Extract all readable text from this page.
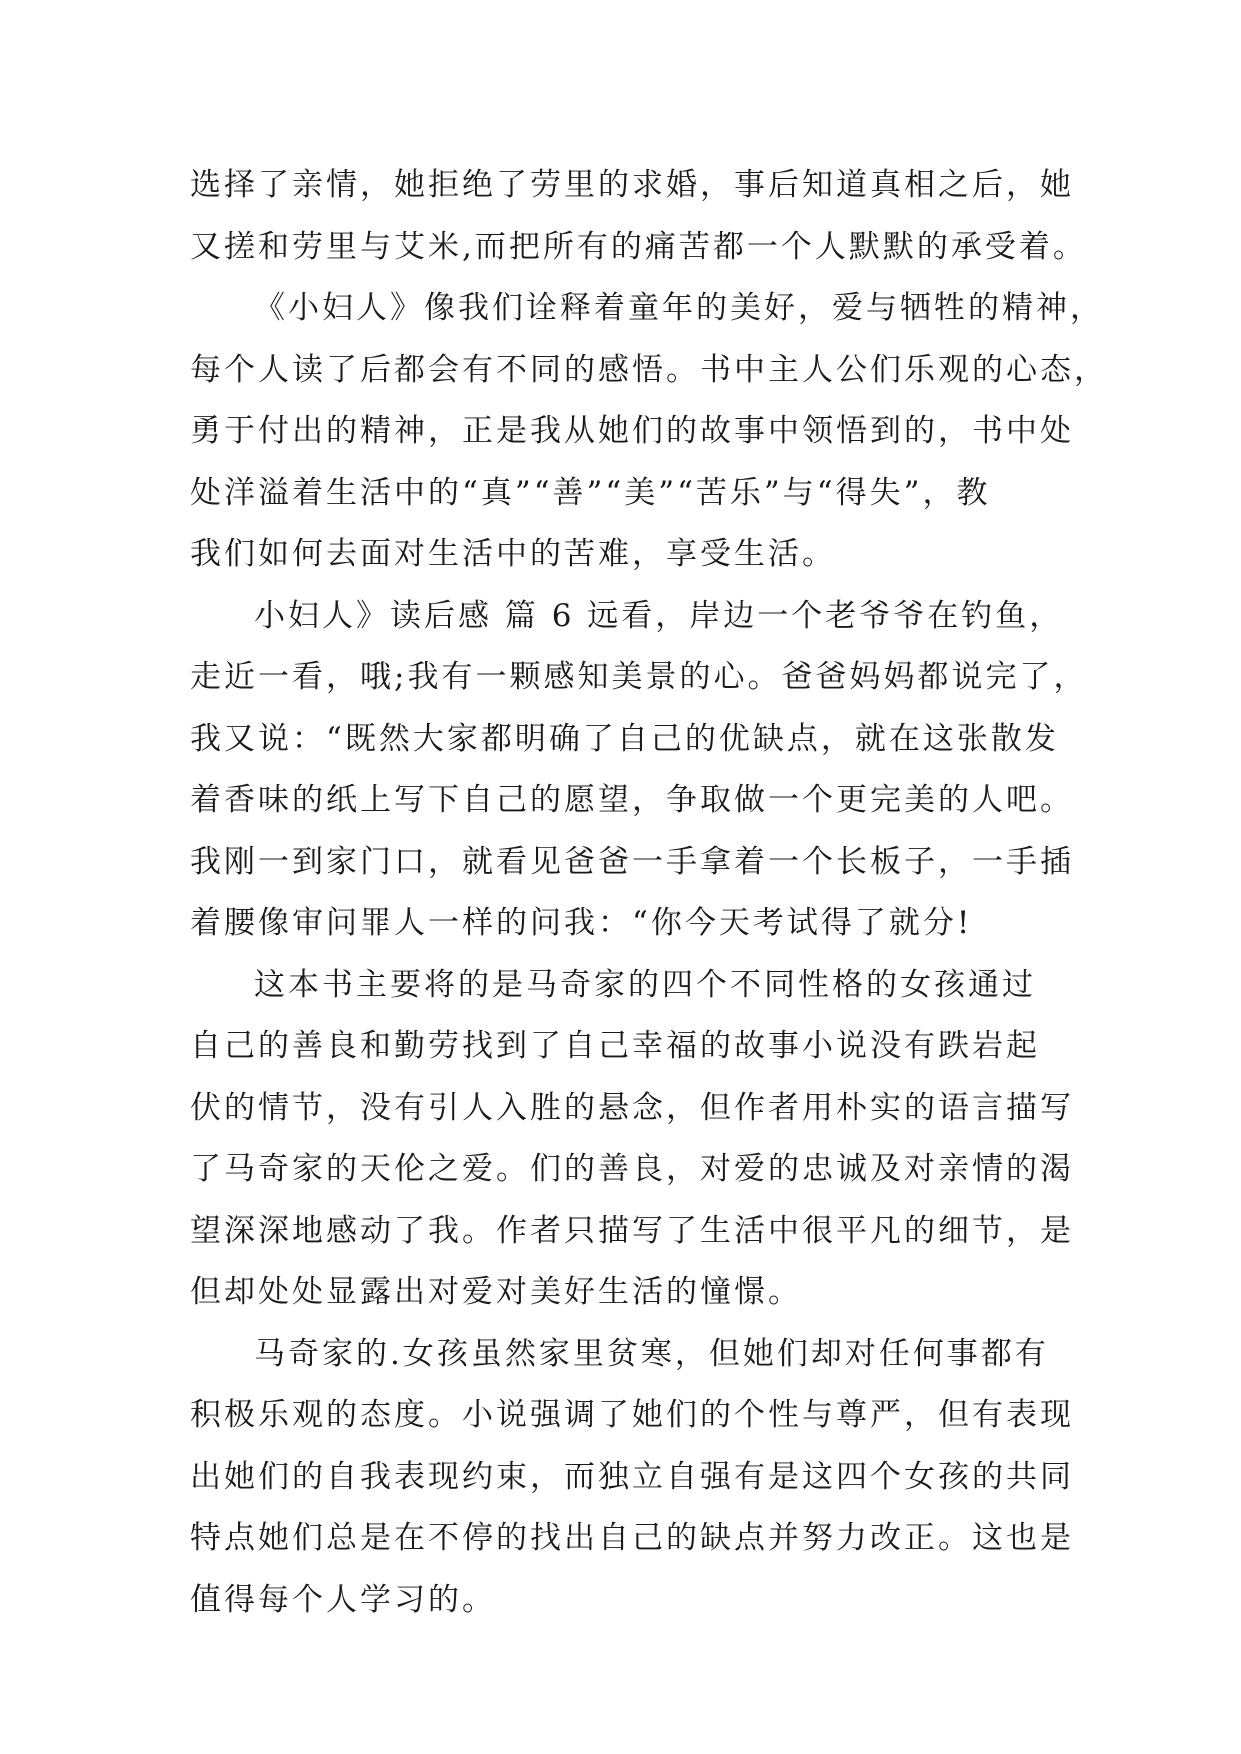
选择了亲情，她拒绝了劳里的求婚，事后知道真相之后，她
又搓和劳里与艾米,而把所有的痛苦都一个人默默的承受着。
《小妇人》像我们诠释着童年的美好，爱与牺牲的精神，
每个人读了后都会有不同的感悟。书中主人公们乐观的心态，
勇于付出的精神，正是我从她们的故事中领悟到的，书中处
处洋溢着生活中的“真”“善”“美”“苦乐”与“得失”，教
我们如何去面对生活中的苦难，享受生活。
小妇人》读后感 篇 6 远看，岸边一个老爷爷在钓鱼，
走近一看，哦;我有一颗感知美景的心。爸爸妈妈都说完了，
我又说：“既然大家都明确了自己的优缺点，就在这张散发
着香味的纸上写下自己的愿望，争取做一个更完美的人吧。
我刚一到家门口，就看见爸爸一手拿着一个长板子，一手插
着腰像审问罪人一样的问我：“你今天考试得了就分!
这本书主要将的是马奇家的四个不同性格的女孩通过
自己的善良和勤劳找到了自己幸福的故事小说没有跌岩起
伏的情节，没有引人入胜的悬念，但作者用朴实的语言描写
了马奇家的天伦之爱。们的善良，对爱的忠诚及对亲情的渴
望深深地感动了我。作者只描写了生活中很平凡的细节，是
但却处处显露出对爱对美好生活的憧憬。
马奇家的.女孩虽然家里贫寒，但她们却对任何事都有
积极乐观的态度。小说强调了她们的个性与尊严，但有表现
出她们的自我表现约束，而独立自强有是这四个女孩的共同
特点她们总是在不停的找出自己的缺点并努力改正。这也是
值得每个人学习的。
